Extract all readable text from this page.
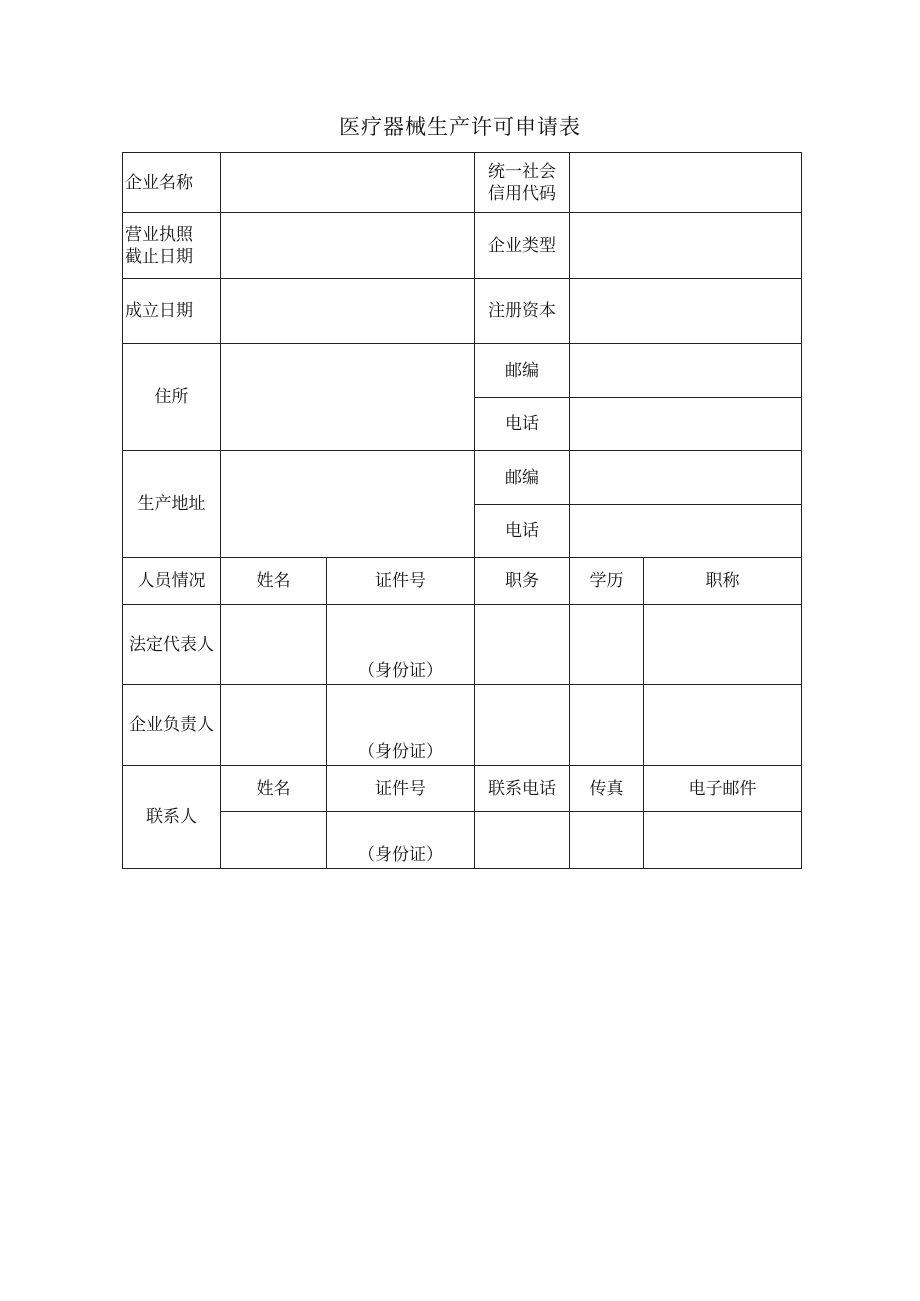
医疗器械生产许可申请表
企业名称			统一社会
信用代码		

营业执照
截止日期			企业类型		
成立日期			注册资本		
住所			邮编		
			电话		
生产地址			邮编		
			电话		
人员情况	姓名	证件号	职务	学历	职称
法定代表人		（身份证）			
企业负责人		（身份证）			
联系人	姓名	证件号	联系电话	传真	电子邮件
		（身份证）			
